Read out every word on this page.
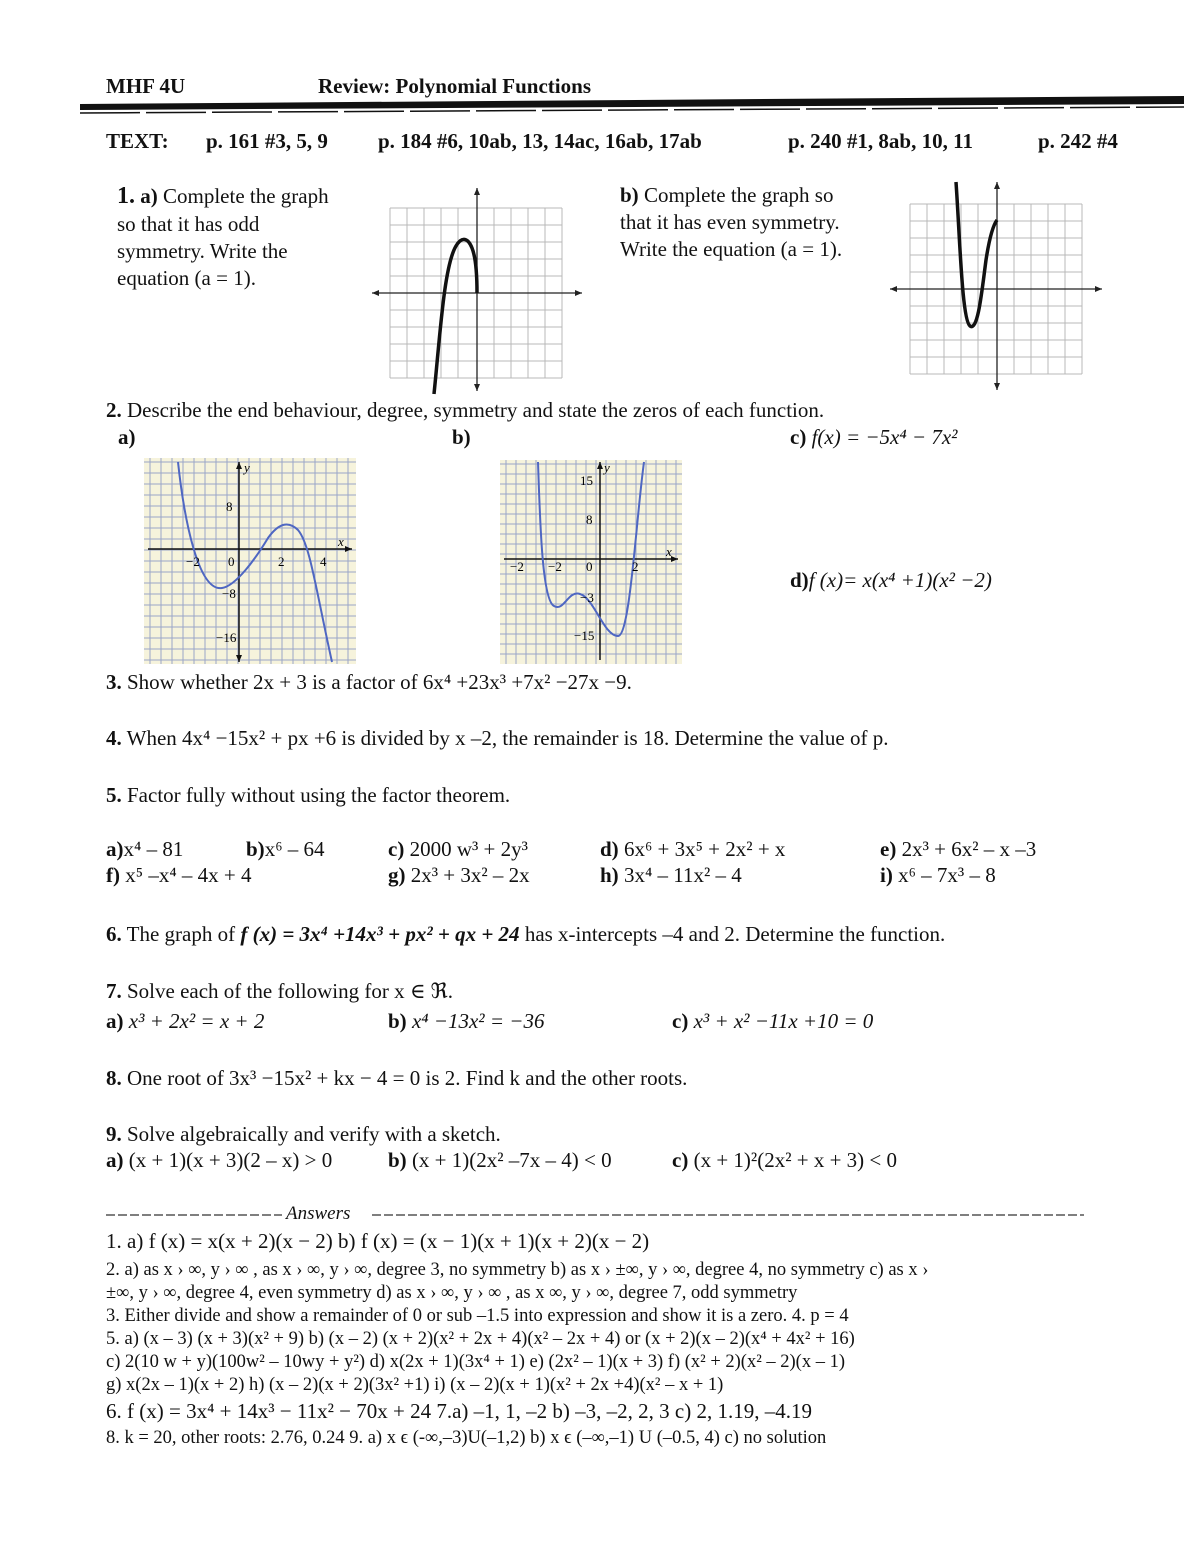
MHF 4U	Review: Polynomial Functions
TEXT: p. 161 #3, 5, 9 p. 184 #6, 10ab, 13, 14ac, 16ab, 17ab	p. 240 #1, 8ab, 10, 11	p. 242 #4
1. a) Complete the graph
so that it has odd
symmetry. Write the
equation (a = 1).
b) Complete the graph so
that it has even symmetry.
Write the equation (a = 1).
2. Describe the end behaviour, degree, symmetry and state the zeros of each function.
a)	b)	c) f(x) = −5x⁴ − 7x²
d)f (x)= x(x⁴ +1)(x² −2)
x
y
−2 0	2	4
8
−8
−16
x
y
−2 −2 0	2
15
8
−3
−15
3. Show whether 2x + 3 is a factor of 6x⁴ +23x³ +7x² −27x −9.
4. When 4x⁴ −15x² + px +6 is divided by x –2, the remainder is 18. Determine the value of p.
5. Factor fully without using the factor theorem.
a)x⁴ – 81	b)x⁶ – 64	c) 2000 w³ + 2y³	d) 6x⁶ + 3x⁵ + 2x² + x	e) 2x³ + 6x² – x –3
f) x⁵ –x⁴ – 4x + 4	g) 2x³ + 3x² – 2x	h) 3x⁴ – 11x² – 4	i) x⁶ – 7x³ – 8
6. The graph of f (x) = 3x⁴ +14x³ + px² + qx + 24 has x-intercepts –4 and 2. Determine the function.
7. Solve each of the following for x ∈ ℜ.
a) x³ + 2x² = x + 2	b) x⁴ −13x² = −36	c) x³ + x² −11x +10 = 0
8. One root of 3x³ −15x² + kx − 4 = 0 is 2. Find k and the other roots.
9. Solve algebraically and verify with a sketch.
a) (x + 1)(x + 3)(2 – x) > 0	b) (x + 1)(2x² –7x – 4) < 0	c) (x + 1)²(2x² + x + 3) < 0
Answers
1. a) f (x) = x(x + 2)(x − 2) b) f (x) = (x − 1)(x + 1)(x + 2)(x − 2)
2. a) as x › ∞, y › ∞ , as x › ∞, y › ∞, degree 3, no symmetry b) as x › ±∞, y › ∞, degree 4, no symmetry c) as x ›
±∞, y › ∞, degree 4, even symmetry d) as x › ∞, y › ∞ , as x ∞, y › ∞, degree 7, odd symmetry
3. Either divide and show a remainder of 0 or sub –1.5 into expression and show it is a zero. 4. p = 4
5. a) (x – 3) (x + 3)(x² + 9) b) (x – 2) (x + 2)(x² + 2x + 4)(x² – 2x + 4) or (x + 2)(x – 2)(x⁴ + 4x² + 16)
c) 2(10 w + y)(100w² – 10wy + y²) d) x(2x + 1)(3x⁴ + 1) e) (2x² – 1)(x + 3) f) (x² + 2)(x² – 2)(x – 1)
g) x(2x – 1)(x + 2) h) (x – 2)(x + 2)(3x² +1) i) (x – 2)(x + 1)(x² + 2x +4)(x² – x + 1)
6. f (x) = 3x⁴ + 14x³ − 11x² − 70x + 24 7.a) –1, 1, –2 b) –3, –2, 2, 3 c) 2, 1.19, –4.19
8. k = 20, other roots: 2.76, 0.24 9. a) x ϵ (-∞,–3)U(–1,2) b) x ϵ (–∞,–1) U (–0.5, 4) c) no solution
